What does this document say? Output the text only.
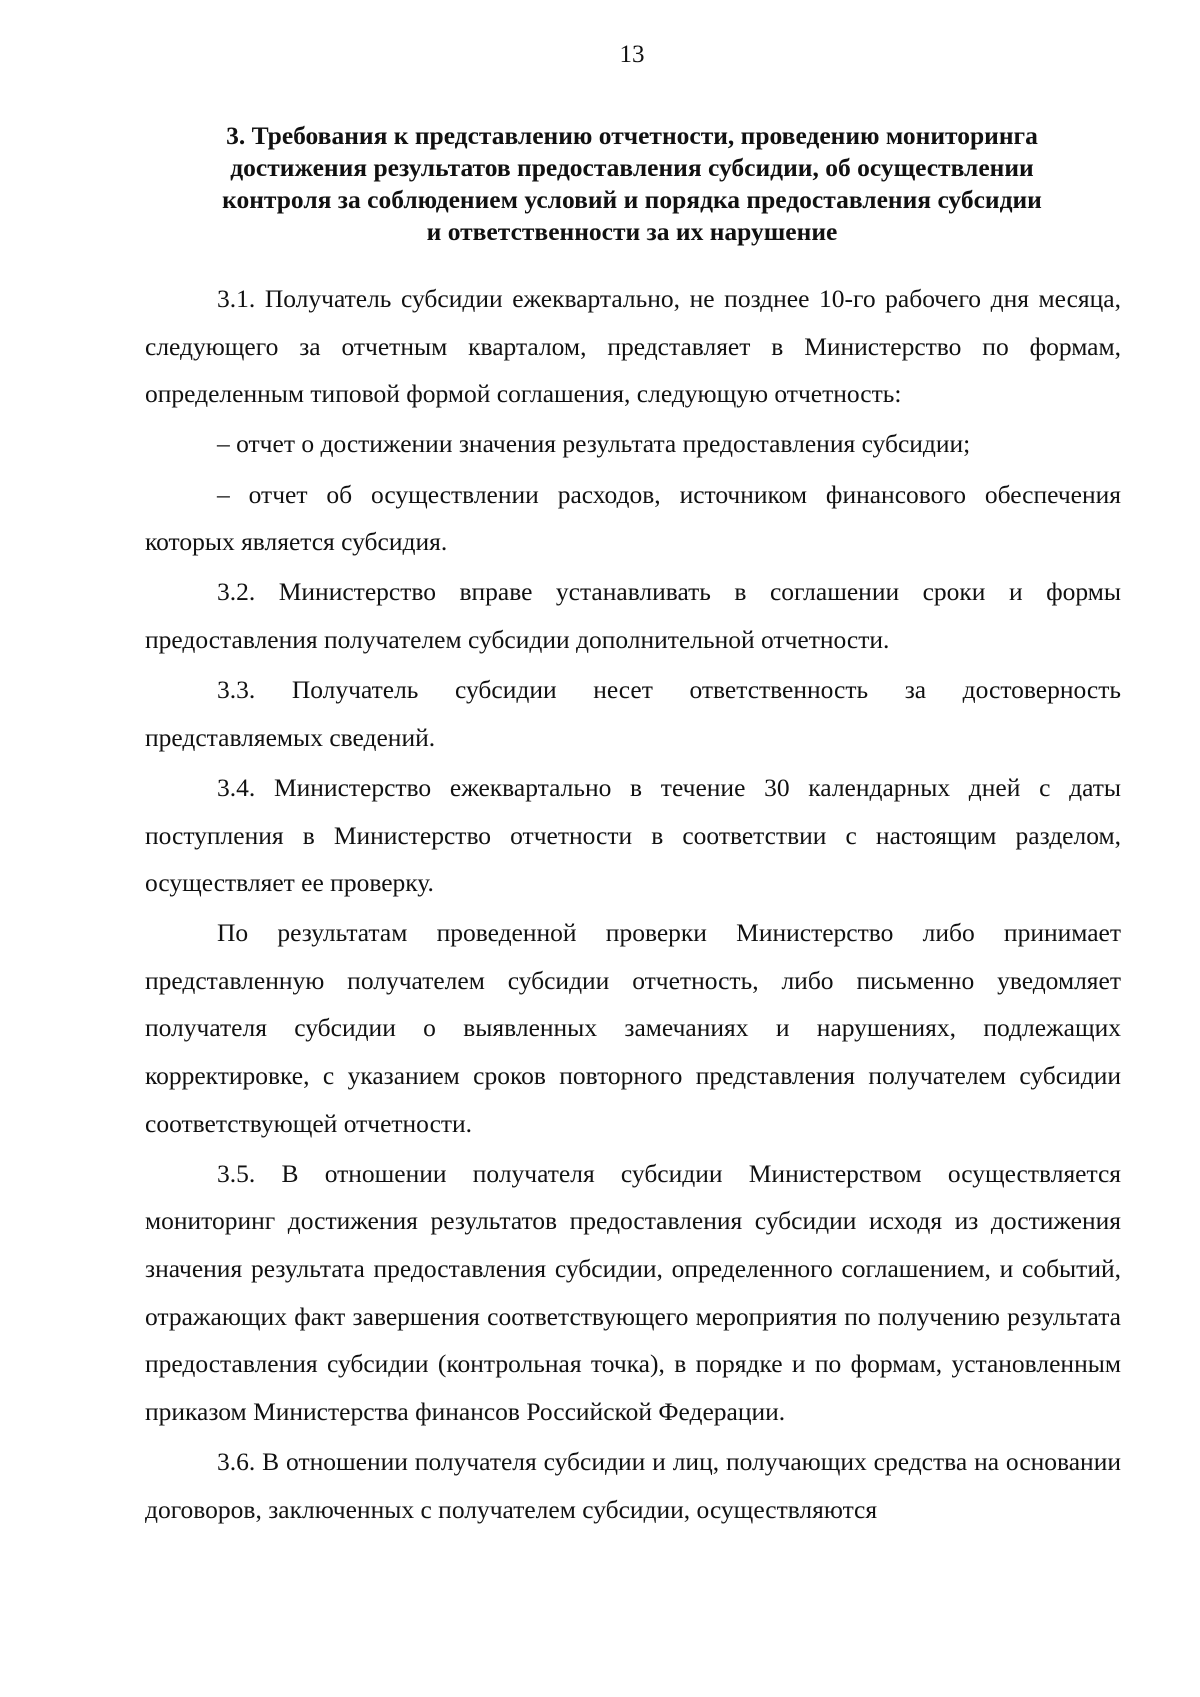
13
3. Требования к представлению отчетности, проведению мониторинга
достижения результатов предоставления субсидии, об осуществлении
контроля за соблюдением условий и порядка предоставления субсидии
и ответственности за их нарушение

3.1. Получатель субсидии ежеквартально, не позднее 10-го рабочего дня месяца, следующего за отчетным кварталом, представляет в Министерство по формам, определенным типовой формой соглашения, следующую отчетность:

– отчет о достижении значения результата предоставления субсидии;

– отчет об осуществлении расходов, источником финансового обеспечения которых является субсидия.

3.2. Министерство вправе устанавливать в соглашении сроки и формы предоставления получателем субсидии дополнительной отчетности.

3.3. Получатель субсидии несет ответственность за достоверность представляемых сведений.

3.4. Министерство ежеквартально в течение 30 календарных дней с даты поступления в Министерство отчетности в соответствии с настоящим разделом, осуществляет ее проверку.

По результатам проведенной проверки Министерство либо принимает представленную получателем субсидии отчетность, либо письменно уведомляет получателя субсидии о выявленных замечаниях и нарушениях, подлежащих корректировке, с указанием сроков повторного представления получателем субсидии соответствующей отчетности.

3.5. В отношении получателя субсидии Министерством осуществляется мониторинг достижения результатов предоставления субсидии исходя из достижения значения результата предоставления субсидии, определенного соглашением, и событий, отражающих факт завершения соответствующего мероприятия по получению результата предоставления субсидии (контрольная точка), в порядке и по формам, установленным приказом Министерства финансов Российской Федерации.

3.6. В отношении получателя субсидии и лиц, получающих средства на основании договоров, заключенных с получателем субсидии, осуществляются
